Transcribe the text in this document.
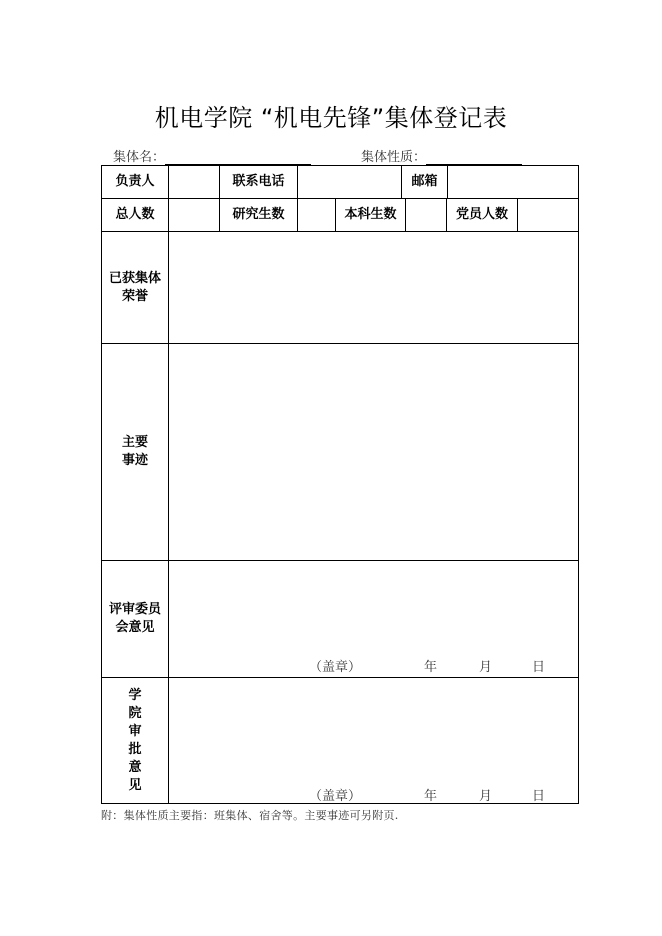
机电学院 “机电先锋”集体登记表
集体名：	集体性质：
负责人	联系电话	邮箱
总人数	研究生数	本科生数	党员人数
已获集体
荣誉
主要
事迹
评审委员
会意见
（盖章）	年	月	日
学
院
审
批
意
见
（盖章）	年	月	日
附：集体性质主要指：班集体、宿舍等。主要事迹可另附页.
